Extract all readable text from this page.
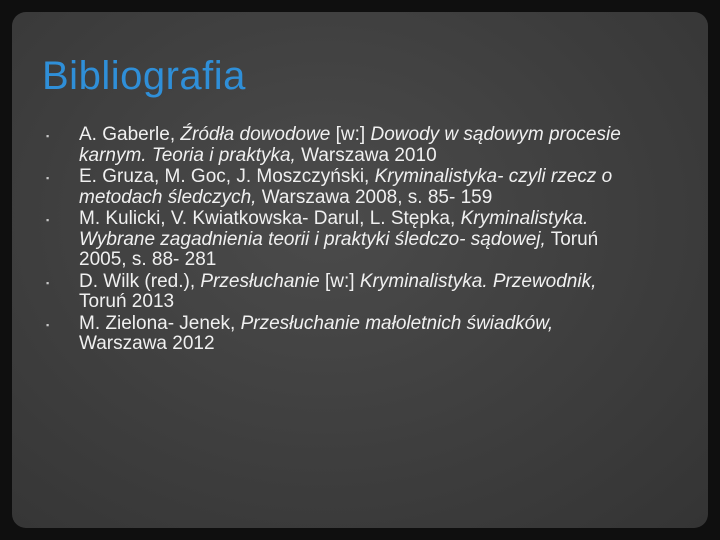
Bibliografia
▪ A. Gaberle, Źródła dowodowe [w:] Dowody w sądowym procesie karnym. Teoria i praktyka, Warszawa 2010
▪ E. Gruza, M. Goc, J. Moszczyński, Kryminalistyka- czyli rzecz o metodach śledczych, Warszawa 2008, s. 85- 159
▪ M. Kulicki, V. Kwiatkowska- Darul, L. Stępka, Kryminalistyka. Wybrane zagadnienia teorii i praktyki śledczo- sądowej, Toruń 2005, s. 88- 281
▪ D. Wilk (red.), Przesłuchanie [w:] Kryminalistyka. Przewodnik, Toruń 2013
▪ M. Zielona- Jenek, Przesłuchanie małoletnich świadków, Warszawa 2012
